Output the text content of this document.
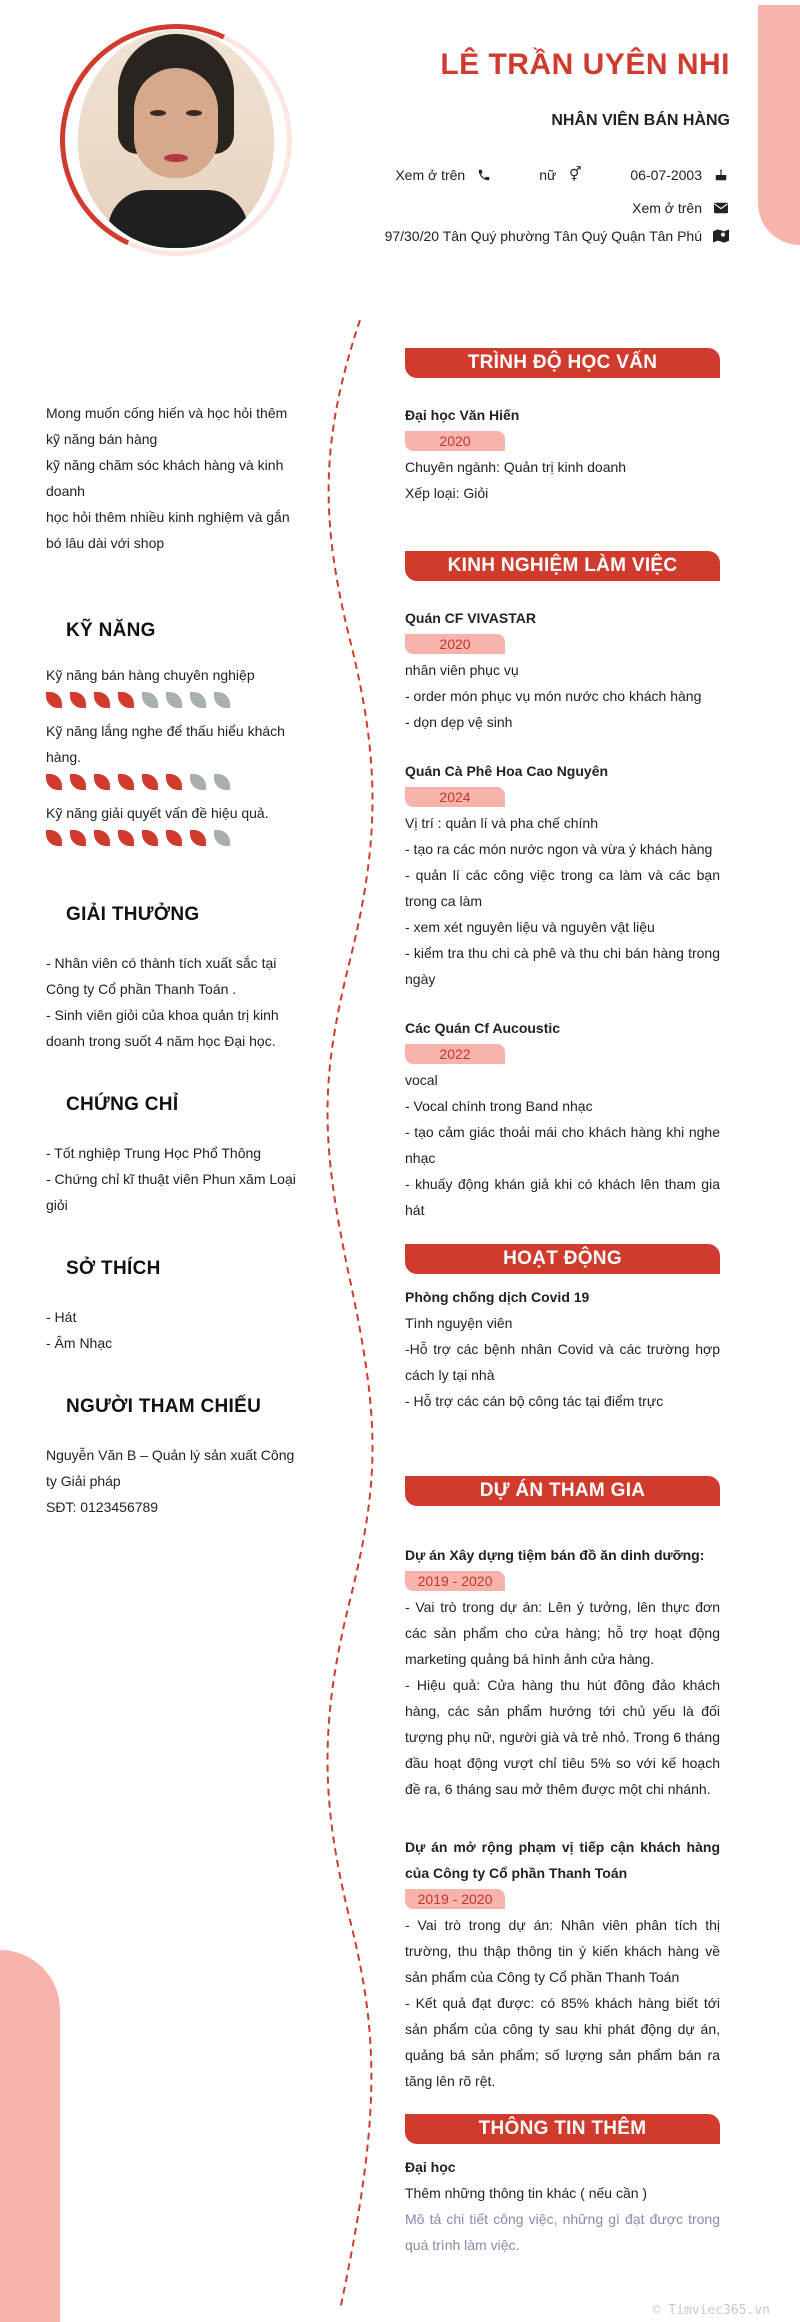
LÊ TRẦN UYÊN NHI
NHÂN VIÊN BÁN HÀNG
Xem ở trên	nữ ⚥	06-07-2003
Xem ở trên
97/30/20 Tân Quý phường Tân Quý Quận Tân Phú
Mong muốn cống hiến và học hỏi thêm kỹ năng bán hàng
kỹ năng chăm sóc khách hàng và kinh doanh
học hỏi thêm nhiều kinh nghiệm và gắn bó lâu dài với shop
KỸ NĂNG
Kỹ năng bán hàng chuyên nghiệp
Kỹ năng lắng nghe để thấu hiểu khách hàng.
Kỹ năng giải quyết vấn đề hiệu quả.
GIẢI THƯỞNG
- Nhân viên có thành tích xuất sắc tại Công ty Cổ phần Thanh Toán .
- Sinh viên giỏi của khoa quản trị kinh doanh trong suốt 4 năm học Đại học.
CHỨNG CHỈ
- Tốt nghiệp Trung Học Phổ Thông
- Chứng chỉ kĩ thuật viên Phun xăm Loại giỏi
SỞ THÍCH
- Hát
- Âm Nhạc
NGƯỜI THAM CHIẾU
Nguyễn Văn B – Quản lý sản xuất Công ty Giải pháp
SĐT: 0123456789
TRÌNH ĐỘ HỌC VẤN
Đại học Văn Hiến
2020
Chuyên ngành: Quản trị kinh doanh
Xếp loại: Giỏi
KINH NGHIỆM LÀM VIỆC
Quán CF VIVASTAR
2020
nhân viên phục vụ
- order món phục vụ món nước cho khách hàng
- dọn dẹp vệ sinh
Quán Cà Phê Hoa Cao Nguyên
2024
Vị trí : quản lí và pha chế chính
- tạo ra các món nước ngon và vừa ý khách hàng
- quản lí các công việc trong ca làm và các bạn trong ca làm
- xem xét nguyên liệu và nguyên vật liệu
- kiểm tra thu chi cà phê và thu chi bán hàng trong ngày
Các Quán Cf Aucoustic
2022
vocal
- Vocal chính trong Band nhạc
- tạo cảm giác thoải mái cho khách hàng khi nghe nhạc
- khuấy động khán giả khi có khách lên tham gia hát
HOẠT ĐỘNG
Phòng chống dịch Covid 19
Tình nguyện viên
-Hỗ trợ các bệnh nhân Covid và các trường hợp cách ly tại nhà
- Hỗ trợ các cán bộ công tác tại điểm trực
DỰ ÁN THAM GIA
Dự án Xây dựng tiệm bán đồ ăn dinh dưỡng:
2019 - 2020
- Vai trò trong dự án: Lên ý tưởng, lên thực đơn các sản phẩm cho cửa hàng; hỗ trợ hoạt động marketing quảng bá hình ảnh cửa hàng.
- Hiệu quả: Cửa hàng thu hút đông đảo khách hàng, các sản phẩm hướng tới chủ yếu là đối tượng phụ nữ, người già và trẻ nhỏ. Trong 6 tháng đầu hoạt động vượt chỉ tiêu 5% so với kế hoạch đề ra, 6 tháng sau mở thêm được một chi nhánh.
Dự án mở rộng phạm vị tiếp cận khách hàng của Công ty Cổ phần Thanh Toán
2019 - 2020
- Vai trò trong dự án: Nhân viên phân tích thị trường, thu thập thông tin ý kiến khách hàng về sản phẩm của Công ty Cổ phần Thanh Toán
- Kết quả đạt được: có 85% khách hàng biết tới sản phẩm của công ty sau khi phát động dự án, quảng bá sản phẩm; số lượng sản phẩm bán ra tăng lên rõ rệt.
THÔNG TIN THÊM
Đại học
Thêm những thông tin khác ( nếu cần )
Mô tả chi tiết công việc, những gì đạt được trong quá trình làm việc.
© Timviec365.vn
